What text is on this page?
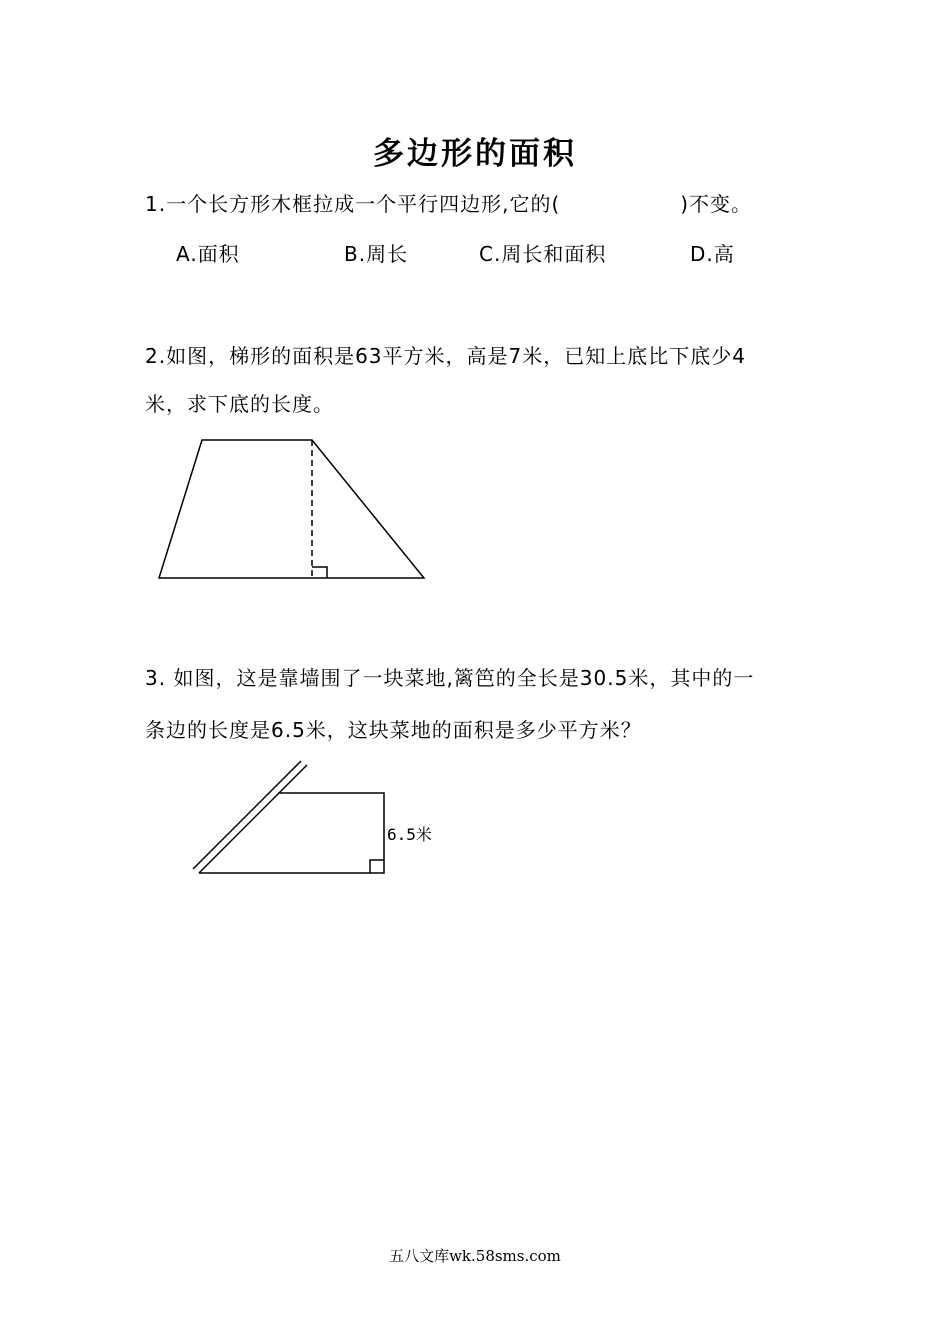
多边形的面积
1.一个长方形木框拉成一个平行四边形,它的(	)不变。
A.面积	B.周长	C.周长和面积	D.高
2.如图，梯形的面积是63平方米，高是7米，已知上底比下底少4
米，求下底的长度。
3. 如图，这是靠墙围了一块菜地,篱笆的全长是30.5米，其中的一
条边的长度是6.5米，这块菜地的面积是多少平方米？
6.5米
五八文库wk.58sms.com
